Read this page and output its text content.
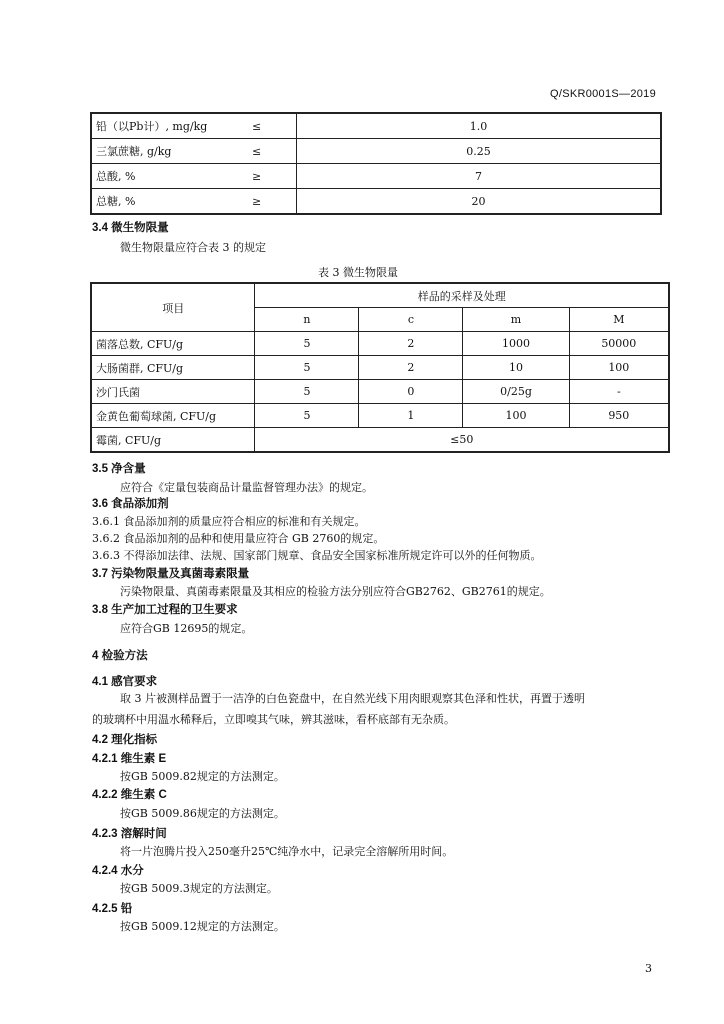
Q/SKR0001S—2019
铅（以Pb计）, mg/kg	≤	1.0
三氯蔗糖, g/kg	≤	0.25
总酸, %	≥	7
总糖, %	≥	20
3.4 微生物限量
微生物限量应符合表 3 的规定
表 3 微生物限量
项目	样品的采样及处理			
	n	c	m	M
菌落总数, CFU/g	5	2	1000	50000
大肠菌群, CFU/g	5	2	10	100
沙门氏菌	5	0	0/25g	-
金黄色葡萄球菌, CFU/g	5	1	100	950
霉菌, CFU/g	≤50			
3.5 净含量
应符合《定量包装商品计量监督管理办法》的规定。
3.6 食品添加剂
3.6.1 食品添加剂的质量应符合相应的标准和有关规定。
3.6.2 食品添加剂的品种和使用量应符合 GB 2760的规定。
3.6.3 不得添加法律、法规、国家部门规章、食品安全国家标准所规定许可以外的任何物质。
3.7 污染物限量及真菌毒素限量
污染物限量、真菌毒素限量及其相应的检验方法分别应符合GB2762、GB2761的规定。
3.8 生产加工过程的卫生要求
应符合GB 12695的规定。
4 检验方法
4.1 感官要求
取 3 片被测样品置于一洁净的白色瓷盘中，在自然光线下用肉眼观察其色泽和性状，再置于透明
的玻璃杯中用温水稀释后，立即嗅其气味，辨其滋味，看杯底部有无杂质。
4.2 理化指标
4.2.1 维生素 E
按GB 5009.82规定的方法测定。
4.2.2 维生素 C
按GB 5009.86规定的方法测定。
4.2.3 溶解时间
将一片泡腾片投入250毫升25℃纯净水中，记录完全溶解所用时间。
4.2.4 水分
按GB 5009.3规定的方法测定。
4.2.5 铅
按GB 5009.12规定的方法测定。
3
